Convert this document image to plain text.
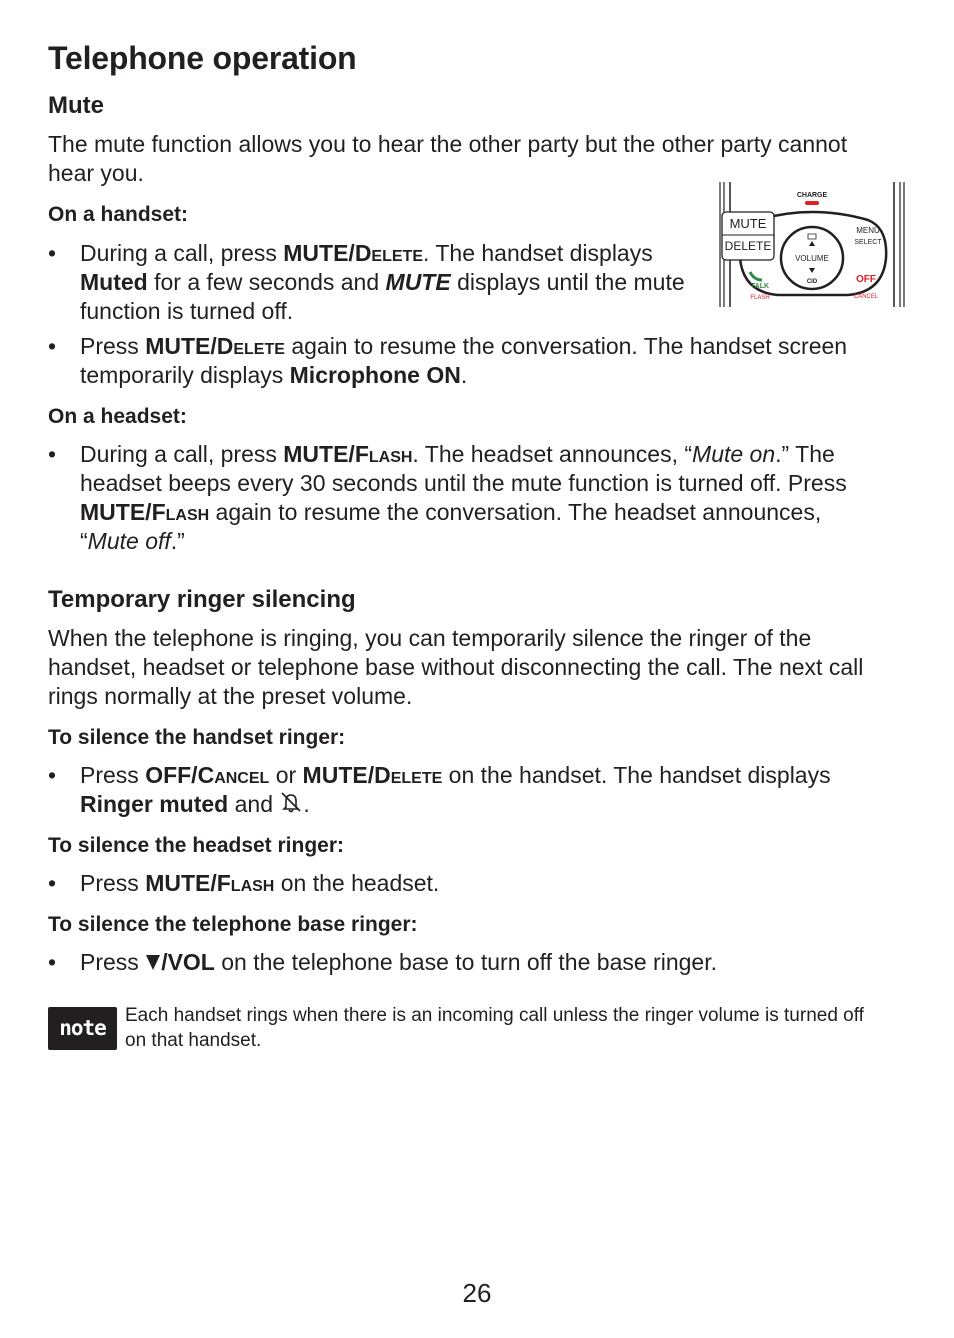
Telephone operation
Mute

The mute function allows you to hear the other party but the other party cannot hear you.

On a handset:
• During a call, press MUTE/Delete. The handset displays Muted for a few seconds and MUTE displays until the mute function is turned off.
• Press MUTE/Delete again to resume the conversation. The handset screen temporarily displays Microphone ON.
On a headset:
• During a call, press MUTE/Flash. The headset announces, “Mute on.” The headset beeps every 30 seconds until the mute function is turned off. Press MUTE/Flash again to resume the conversation. The headset announces, “Mute off.”
Temporary ringer silencing

When the telephone is ringing, you can temporarily silence the ringer of the handset, headset or telephone base without disconnecting the call. The next call rings normally at the preset volume.

To silence the handset ringer:
• Press OFF/Cancel or MUTE/Delete on the handset. The handset displays Ringer muted and .
To silence the headset ringer:
• Press MUTE/Flash on the headset.
To silence the telephone base ringer:
• Press /VOL on the telephone base to turn off the base ringer.
note
Each handset rings when there is an incoming call unless the ringer volume is turned off on that handset.
CHARGE
MUTE
DELETE
VOLUME
CID
MENU
SELECT
TALK
FLASH
OFF
CANCEL
26
